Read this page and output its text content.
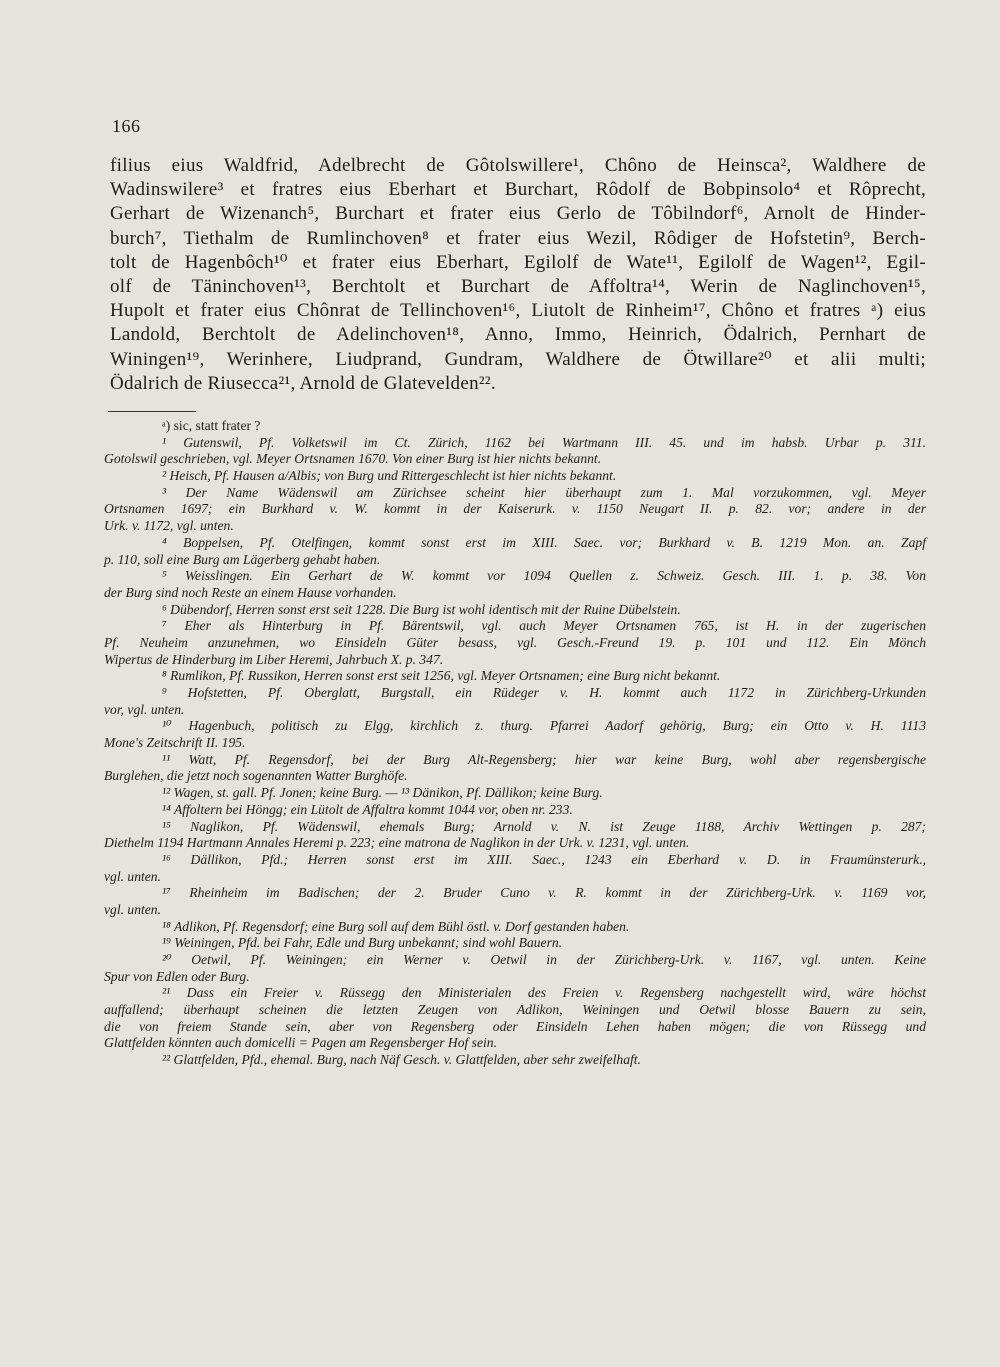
166
filius eius Waldfrid, Adelbrecht de Gôtolswillere¹, Chôno de Heinsca², Waldhere de
Wadinswilere³ et fratres eius Eberhart et Burchart, Rôdolf de Bobpinsolo⁴ et Rôprecht,
Gerhart de Wizenanch⁵, Burchart et frater eius Gerlo de Tôbilndorf⁶, Arnolt de Hinder-
burch⁷, Tiethalm de Rumlinchoven⁸ et frater eius Wezil, Rôdiger de Hofstetin⁹, Berch-
tolt de Hagenbôch¹⁰ et frater eius Eberhart, Egilolf de Wate¹¹, Egilolf de Wagen¹², Egil-
olf de Täninchoven¹³, Berchtolt et Burchart de Affoltra¹⁴, Werin de Naglinchoven¹⁵,
Hupolt et frater eius Chônrat de Tellinchoven¹⁶, Liutolt de Rinheim¹⁷, Chôno et fratres ᵃ) eius
Landold, Berchtolt de Adelinchoven¹⁸, Anno, Immo, Heinrich, Ödalrich, Pernhart de
Winingen¹⁹, Werinhere, Liudprand, Gundram, Waldhere de Ötwillare²⁰ et alii multi;
Ödalrich de Riusecca²¹, Arnold de Glatevelden²².
ᵃ) sic, statt frater ?
¹ Gutenswil, Pf. Volketswil im Ct. Zürich, 1162 bei Wartmann III. 45. und im habsb. Urbar p. 311.
Gotolswil geschrieben, vgl. Meyer Ortsnamen 1670. Von einer Burg ist hier nichts bekannt.
² Heisch, Pf. Hausen a/Albis; von Burg und Rittergeschlecht ist hier nichts bekannt.
³ Der Name Wädenswil am Zürichsee scheint hier überhaupt zum 1. Mal vorzukommen, vgl. Meyer
Ortsnamen 1697; ein Burkhard v. W. kommt in der Kaiserurk. v. 1150 Neugart II. p. 82. vor; andere in der
Urk. v. 1172, vgl. unten.
⁴ Boppelsen, Pf. Otelfingen, kommt sonst erst im XIII. Saec. vor; Burkhard v. B. 1219 Mon. an. Zapf
p. 110, soll eine Burg am Lägerberg gehabt haben.
⁵ Weisslingen. Ein Gerhart de W. kommt vor 1094 Quellen z. Schweiz. Gesch. III. 1. p. 38. Von
der Burg sind noch Reste an einem Hause vorhanden.
⁶ Dübendorf, Herren sonst erst seit 1228. Die Burg ist wohl identisch mit der Ruine Dübelstein.
⁷ Eher als Hinterburg in Pf. Bärentswil, vgl. auch Meyer Ortsnamen 765, ist H. in der zugerischen
Pf. Neuheim anzunehmen, wo Einsideln Güter besass, vgl. Gesch.-Freund 19. p. 101 und 112. Ein Mönch
Wipertus de Hinderburg im Liber Heremi, Jahrbuch X. p. 347.
⁸ Rumlikon, Pf. Russikon, Herren sonst erst seit 1256, vgl. Meyer Ortsnamen; eine Burg nicht bekannt.
⁹ Hofstetten, Pf. Oberglatt, Burgstall, ein Rüdeger v. H. kommt auch 1172 in Zürichberg-Urkunden
vor, vgl. unten.
¹⁰ Hagenbuch, politisch zu Elgg, kirchlich z. thurg. Pfarrei Aadorf gehörig, Burg; ein Otto v. H. 1113
Mone's Zeitschrift II. 195.
¹¹ Watt, Pf. Regensdorf, bei der Burg Alt-Regensberg; hier war keine Burg, wohl aber regensbergische
Burglehen, die jetzt noch sogenannten Watter Burghöfe.
¹² Wagen, st. gall. Pf. Jonen; keine Burg. — ¹³ Dänikon, Pf. Dällikon; keine Burg.
¹⁴ Affoltern bei Höngg; ein Lütolt de Affaltra kommt 1044 vor, oben nr. 233.
¹⁵ Naglikon, Pf. Wädenswil, ehemals Burg; Arnold v. N. ist Zeuge 1188, Archiv Wettingen p. 287;
Diethelm 1194 Hartmann Annales Heremi p. 223; eine matrona de Naglikon in der Urk. v. 1231, vgl. unten.
¹⁶ Dällikon, Pfd.; Herren sonst erst im XIII. Saec., 1243 ein Eberhard v. D. in Fraumünsterurk.,
vgl. unten.
¹⁷ Rheinheim im Badischen; der 2. Bruder Cuno v. R. kommt in der Zürichberg-Urk. v. 1169 vor,
vgl. unten.
¹⁸ Adlikon, Pf. Regensdorf; eine Burg soll auf dem Bühl östl. v. Dorf gestanden haben.
¹⁹ Weiningen, Pfd. bei Fahr, Edle und Burg unbekannt; sind wohl Bauern.
²⁰ Oetwil, Pf. Weiningen; ein Werner v. Oetwil in der Zürichberg-Urk. v. 1167, vgl. unten. Keine
Spur von Edlen oder Burg.
²¹ Dass ein Freier v. Rüssegg den Ministerialen des Freien v. Regensberg nachgestellt wird, wäre höchst
auffallend; überhaupt scheinen die letzten Zeugen von Adlikon, Weiningen und Oetwil blosse Bauern zu sein,
die von freiem Stande sein, aber von Regensberg oder Einsideln Lehen haben mögen; die von Rüssegg und
Glattfelden könnten auch domicelli = Pagen am Regensberger Hof sein.
²² Glattfelden, Pfd., ehemal. Burg, nach Näf Gesch. v. Glattfelden, aber sehr zweifelhaft.
